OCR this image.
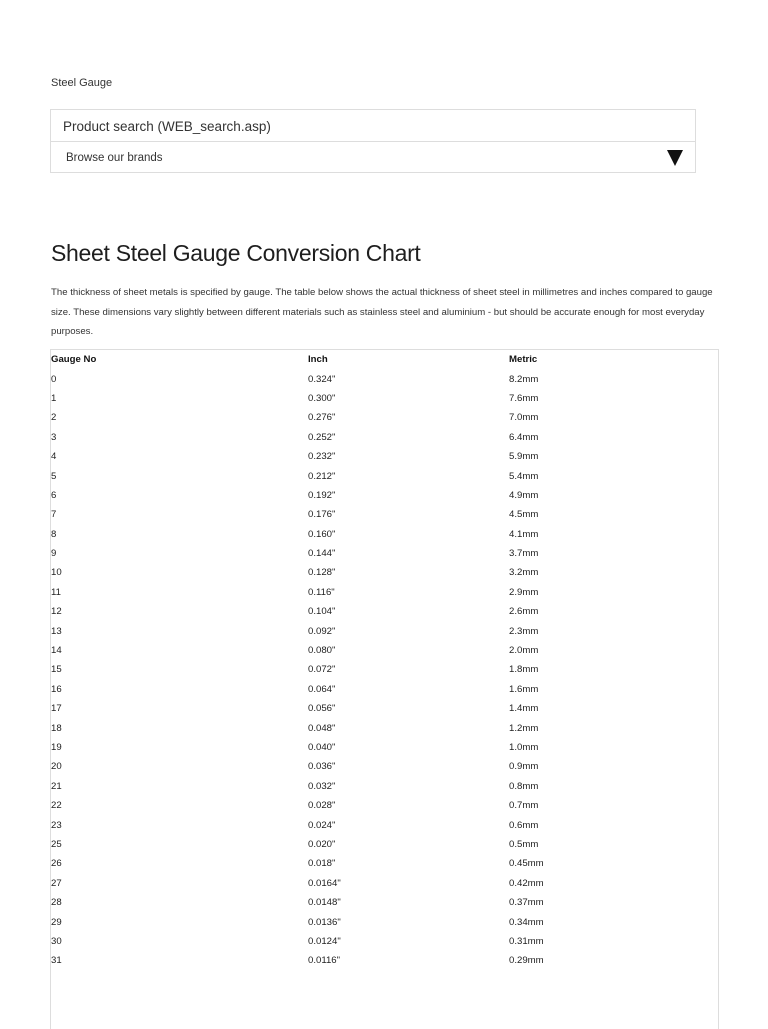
Steel Gauge
Product search (WEB_search.asp)
Browse our brands
Sheet Steel Gauge Conversion Chart

The thickness of sheet metals is specified by gauge. The table below shows the actual thickness of sheet steel in millimetres and inches compared to gauge size. These dimensions vary slightly between different materials such as stainless steel and aluminium - but should be accurate enough for most everyday purposes.

Gauge No	Inch	Metric
0	0.324"	8.2mm
1	0.300"	7.6mm
2	0.276"	7.0mm
3	0.252"	6.4mm
4	0.232"	5.9mm
5	0.212"	5.4mm
6	0.192"	4.9mm
7	0.176"	4.5mm
8	0.160"	4.1mm
9	0.144"	3.7mm
10	0.128"	3.2mm
11	0.116"	2.9mm
12	0.104"	2.6mm
13	0.092"	2.3mm
14	0.080"	2.0mm
15	0.072"	1.8mm
16	0.064"	1.6mm
17	0.056"	1.4mm
18	0.048"	1.2mm
19	0.040"	1.0mm
20	0.036"	0.9mm
21	0.032"	0.8mm
22	0.028"	0.7mm
23	0.024"	0.6mm
25	0.020"	0.5mm
26	0.018"	0.45mm
27	0.0164"	0.42mm
28	0.0148"	0.37mm
29	0.0136"	0.34mm
30	0.0124"	0.31mm
31	0.0116"	0.29mm
